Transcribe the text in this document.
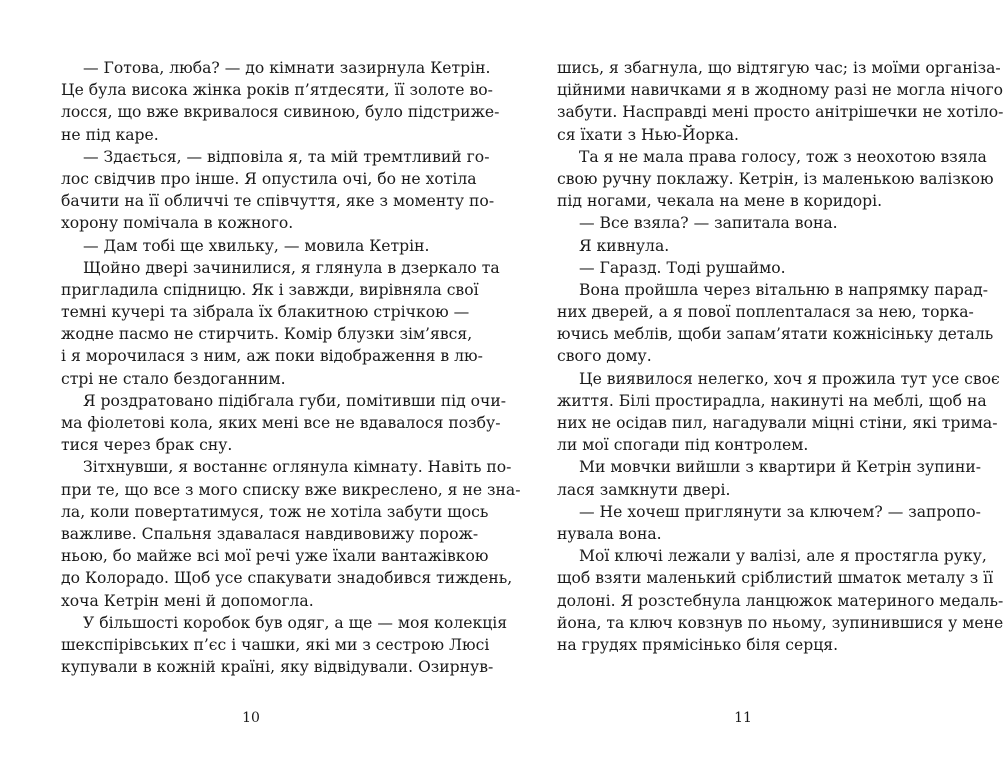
— Готова, люба? — до кімнати зазирнула Кетрін.
Це була висока жінка років п’ятдесяти, її золоте во-
лосся, що вже вкривалося сивиною, було підстриже-
не під каре.
— Здається, — відповіла я, та мій тремтливий го-
лос свідчив про інше. Я опустила очі, бо не хотіла
бачити на її обличчі те співчуття, яке з моменту по-
хорону помічала в кожного.
— Дам тобі ще хвильку, — мовила Кетрін.
Щойно двері зачинилися, я глянула в дзеркало та
пригладила спідницю. Як і завжди, вирівняла свої
темні кучері та зібрала їх блакитною стрічкою —
жодне пасмо не стирчить. Комір блузки зім’явся,
і я морочилася з ним, аж поки відображення в лю-
стрі не стало бездоганним.
Я роздратовано підібгала губи, помітивши під очи-
ма фіолетові кола, яких мені все не вдавалося позбу-
тися через брак сну.
Зітхнувши, я востаннє оглянула кімнату. Навіть по-
при те, що все з мого списку вже викреслено, я не зна-
ла, коли повертатимуся, тож не хотіла забути щось
важливе. Спальня здавалася навдивовижу порож-
ньою, бо майже всі мої речі уже їхали вантажівкою
до Колорадо. Щоб усе спакувати знадобився тиждень,
хоча Кетрін мені й допомогла.
У більшості коробок був одяг, а ще — моя колекція
шекспірівських п’єс і чашки, які ми з сестрою Люсі
купували в кожній країні, яку відвідували. Озирнув-
шись, я збагнула, що відтягую час; із моїми організа-
ційними навичками я в жодному разі не могла нічого
забути. Насправді мені просто анітрішечки не хотіло-
ся їхати з Нью-Йорка.
Та я не мала права голосу, тож з неохотою взяла
свою ручну поклажу. Кетрін, із маленькою валізкою
під ногами, чекала на мене в коридорі.
— Все взяла? — запитала вона.
Я кивнула.
— Гаразд. Тоді рушаймо.
Вона пройшла через вітальню в напрямку парад-
них дверей, а я пової поплenталася за нею, торка-
ючись меблів, щоби запам’ятати кожнісіньку деталь
свого дому.
Це виявилося нелегко, хоч я прожила тут усе своє
життя. Білі простирадла, накинуті на меблі, щоб на
них не осідав пил, нагадували міцні стіни, які трима-
ли мої спогади під контролем.
Ми мовчки вийшли з квартири й Кетрін зупини-
лася замкнути двері.
— Не хочеш приглянути за ключем? — запропо-
нувала вона.
Мої ключі лежали у валізі, але я простягла руку,
щоб взяти маленький сріблистий шматок металу з її
долоні. Я розстебнула ланцюжок материного медаль-
йона, та ключ ковзнув по ньому, зупинившися у мене
на грудях прямісінько біля серця.
10	11
